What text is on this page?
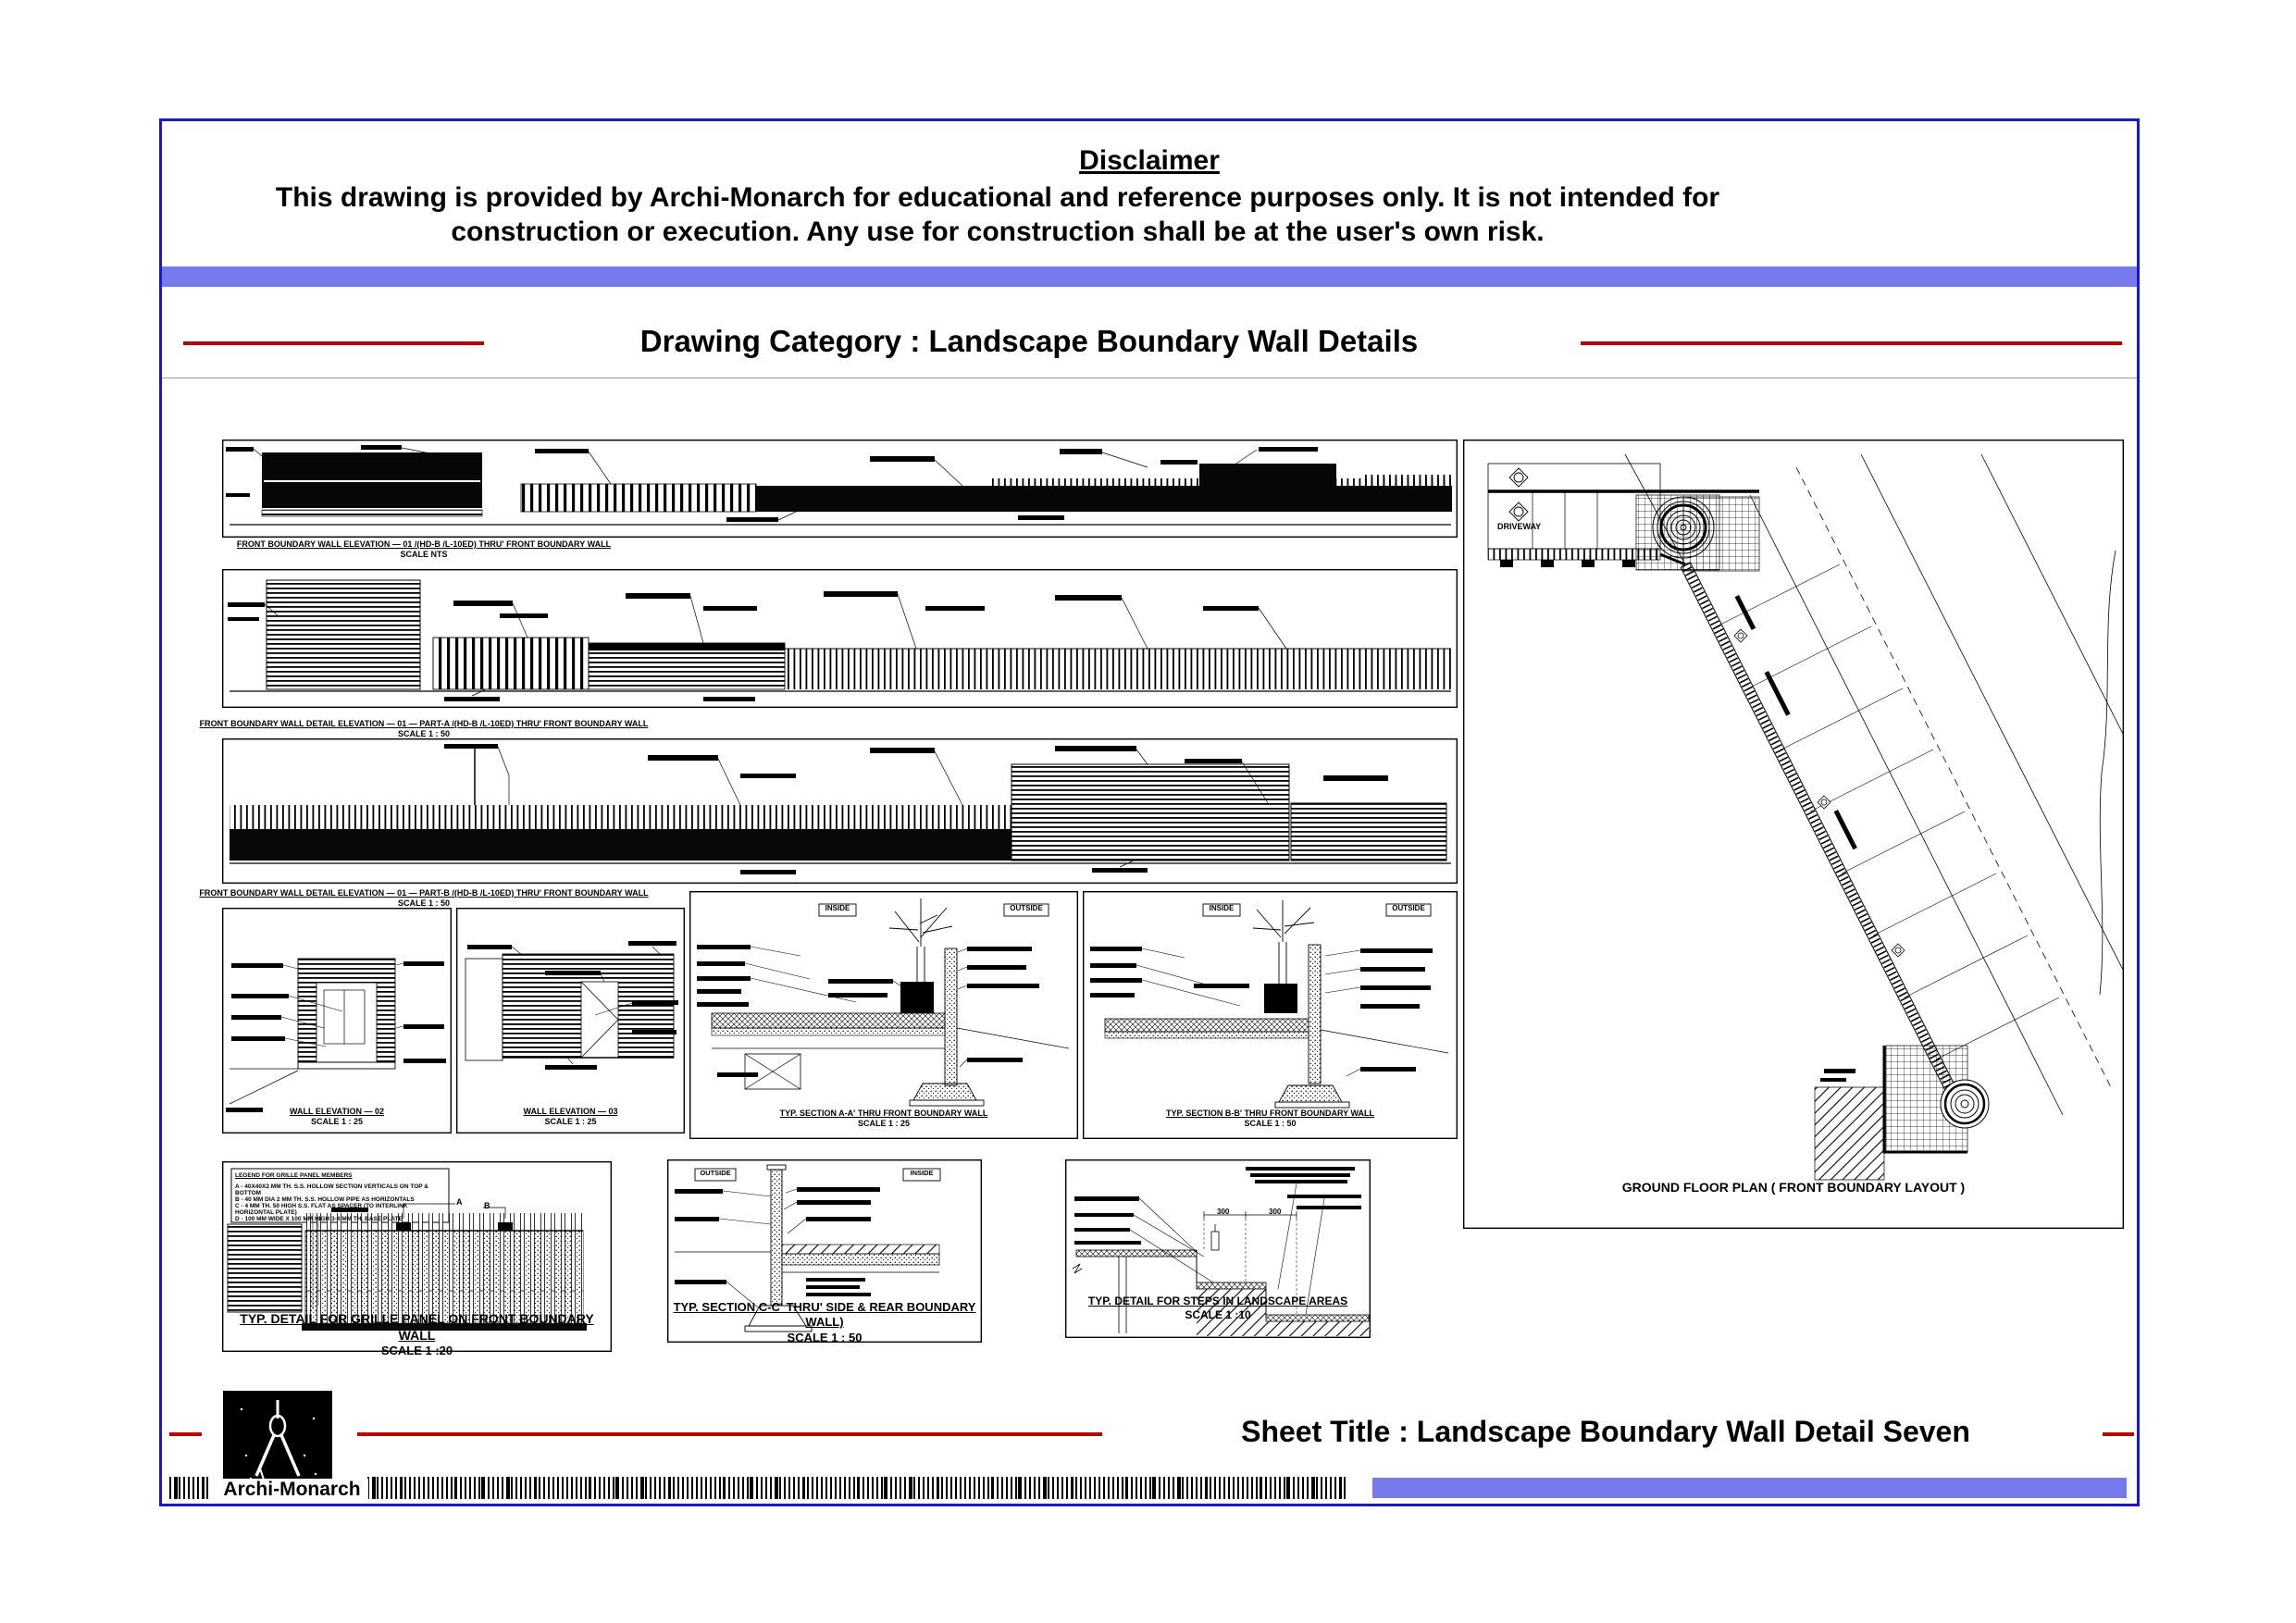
Disclaimer
This drawing is provided by Archi-Monarch for educational and reference purposes only. It is not intended for
construction or execution. Any use for construction shall be at the user's own risk.
Drawing Category : Landscape Boundary Wall Details
FRONT BOUNDARY WALL ELEVATION — 01 /(HD-B /L-10ED) THRU' FRONT BOUNDARY WALL
SCALE NTS
FRONT BOUNDARY WALL DETAIL ELEVATION — 01 — PART-A /(HD-B /L-10ED) THRU' FRONT BOUNDARY WALL
SCALE 1 : 50
FRONT BOUNDARY WALL DETAIL ELEVATION — 01 — PART-B /(HD-B /L-10ED) THRU' FRONT BOUNDARY WALL
SCALE 1 : 50
WALL ELEVATION — 02
SCALE 1 : 25
WALL ELEVATION — 03
SCALE 1 : 25
INSIDE	OUTSIDE
TYP. SECTION A-A' THRU FRONT BOUNDARY WALL
SCALE 1 : 25
INSIDE	OUTSIDE
TYP. SECTION B-B' THRU FRONT BOUNDARY WALL
SCALE 1 : 50
LEGEND FOR GRILLE PANEL MEMBERS
A - 40X40X2 MM TH. S.S. HOLLOW SECTION VERTICALS ON TOP & BOTTOM
B - 40 MM DIA 2 MM TH. S.S. HOLLOW PIPE AS HORIZONTALS
C - 4 MM TH. 50 HIGH S.S. FLAT AS SPACER (TO INTERLINK HORIZONTAL PLATE)
D - 100 MM WIDE X 100 MM HIGH 3-4 MM TH. BASE PLATE
A	B
TYP. DETAIL FOR GRILLE PANEL ON FRONT BOUNDARY WALL
SCALE 1 :20
OUTSIDE	INSIDE
TYP. SECTION C-C' THRU' SIDE & REAR BOUNDARY WALL)
SCALE 1 : 50
300	300
TYP. DETAIL FOR STEPS IN LANDSCAPE AREAS
SCALE 1 :10
DRIVEWAY
GROUND FLOOR PLAN ( FRONT BOUNDARY LAYOUT )
Sheet Title : Landscape Boundary Wall Detail Seven
Archi-Monarch
